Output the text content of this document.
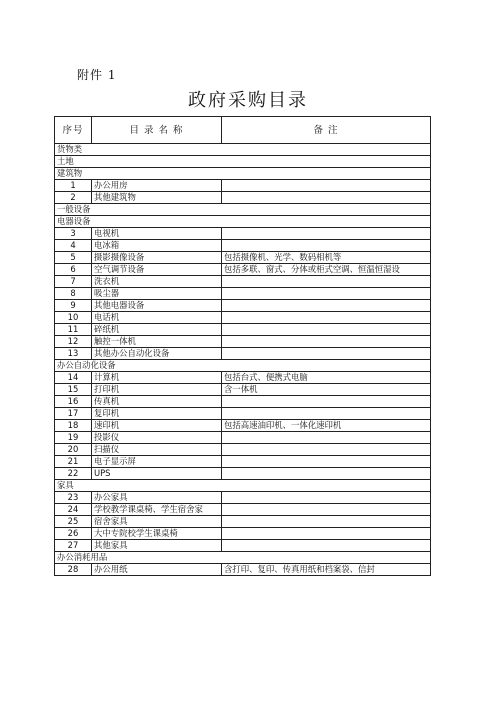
附件 1
政府采购目录
序号	目 录 名 称	备 注
货物类		
土地		
建筑物		
1	办公用房	
2	其他建筑物	
一般设备		
电器设备		
3	电视机	
4	电冰箱	
5	摄影摄像设备	包括摄像机、光学、数码相机等
6	空气调节设备	包括多联、窗式、分体或柜式空调、恒温恒湿设
7	洗衣机	
8	吸尘器	
9	其他电器设备	
10	电话机	
11	碎纸机	
12	触控一体机	
13	其他办公自动化设备	
办公自动化设备		
14	计算机	包括台式、便携式电脑
15	打印机	含一体机
16	传真机	
17	复印机	
18	速印机	包括高速油印机、一体化速印机
19	投影仪	
20	扫描仪	
21	电子显示屏	
22	UPS	
家具		
23	办公家具	
24	学校教学课桌椅、学生宿舍家	
25	宿舍家具	
26	大中专院校学生课桌椅	
27	其他家具	
办公消耗用品		
28	办公用纸	含打印、复印、传真用纸和档案袋、信封
